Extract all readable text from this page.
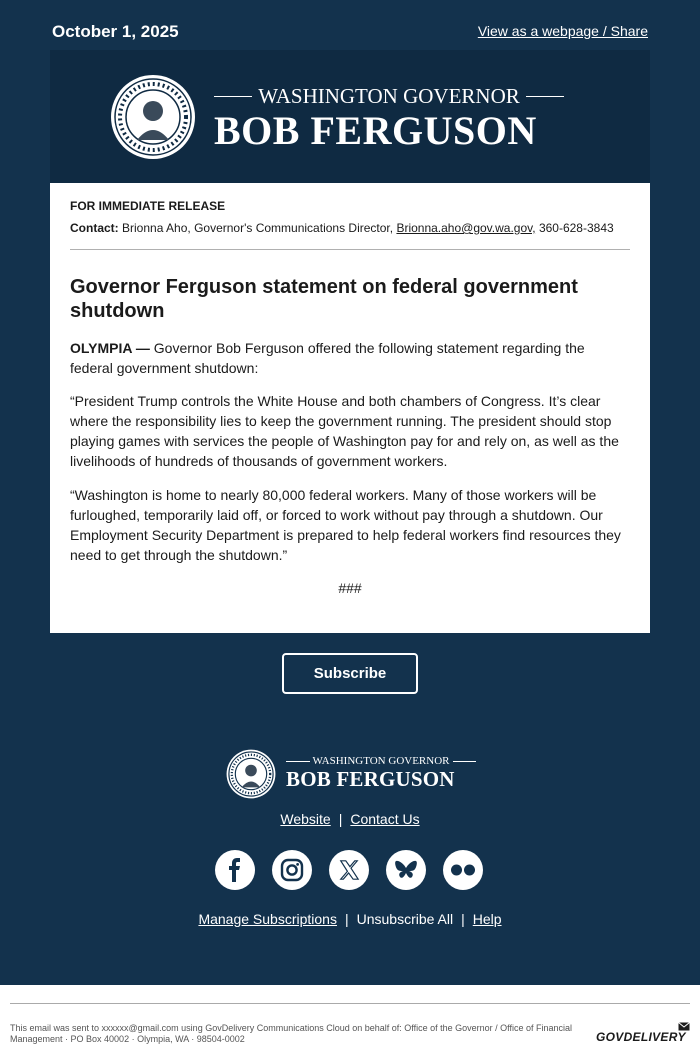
October 1, 2025	View as a webpage / Share
WASHINGTON GOVERNOR
BOB FERGUSON
FOR IMMEDIATE RELEASE
Contact: Brionna Aho, Governor's Communications Director, Brionna.aho@gov.wa.gov, 360-628-3843
Governor Ferguson statement on federal government shutdown

OLYMPIA — Governor Bob Ferguson offered the following statement regarding the federal government shutdown:

“President Trump controls the White House and both chambers of Congress. It’s clear where the responsibility lies to keep the government running. The president should stop playing games with services the people of Washington pay for and rely on, as well as the livelihoods of hundreds of thousands of government workers.

“Washington is home to nearly 80,000 federal workers. Many of those workers will be furloughed, temporarily laid off, or forced to work without pay through a shutdown. Our Employment Security Department is prepared to help federal workers find resources they need to get through the shutdown.”

###
Subscribe
WASHINGTON GOVERNOR
BOB FERGUSON
Website | Contact Us
Manage Subscriptions | Unsubscribe All | Help
This email was sent to xxxxxx@gmail.com using GovDelivery Communications Cloud on behalf of: Office of the Governor / Office of Financial Management · PO Box 40002 · Olympia, WA · 98504-0002	GOVDELIVERY
